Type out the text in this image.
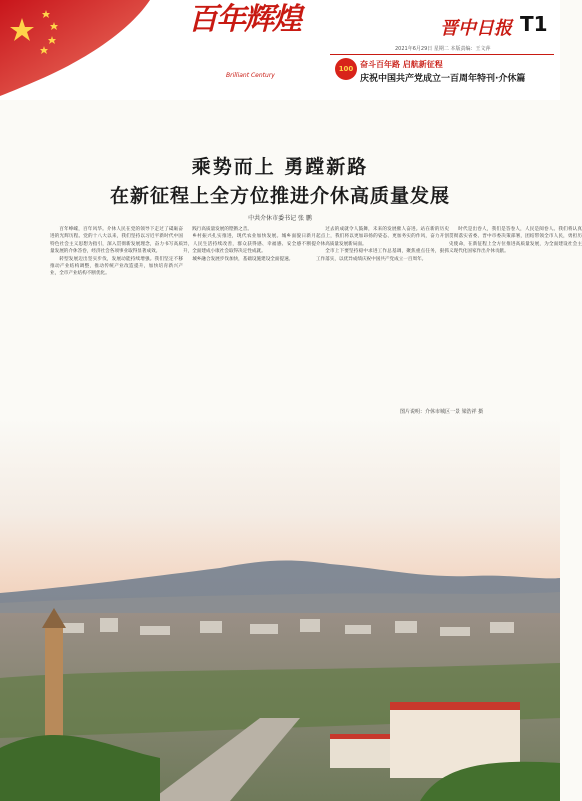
百年辉煌
Brilliant Century
晋中日报 T1
2021年6月29日 星期二 本版责编：王文萍
100 奋斗百年路 启航新征程
庆祝中国共产党成立一百周年特刊·介休篇
乘势而上 勇蹚新路
在新征程上全方位推进介休高质量发展
中共介休市委书记 张 鹏

百年峥嵘，百年风华。介休人民在党的领导下走过了砥砺奋进的光辉历程。党的十八大以来，我们坚持以习近平新时代中国特色社会主义思想为指引，深入贯彻新发展理念，奋力书写高质量发展的介休答卷，经济社会各项事业取得显著成效。

转型发展迈出坚实步伐，发展动能持续增强。我们坚定不移推动产业结构调整，推动传统产业改造提升，加快培育新兴产业，全市产业结构不断优化。

践行高质量发展的铿锵之音。

乡村振兴扎实推进，现代农业加快发展。城乡面貌日新月异，人民生活持续改善，群众获得感、幸福感、安全感不断提升，全面建成小康社会取得决定性成就。

城乡融合发展步伐加快，基础设施建设全面提速。

过去的成就令人鼓舞，未来的发展催人奋进。站在新的历史起点上，我们将以更加昂扬的姿态、更加务实的作风，奋力开创介休高质量发展新局面。

全市上下要坚持稳中求进工作总基调，聚焦重点任务，狠抓工作落实，以优异成绩庆祝中国共产党成立一百周年。

时代是出卷人，我们是答卷人，人民是阅卷人。我们将认真贯彻落实省委、晋中市委决策部署，团结带领全市人民，勇担历史使命，在新征程上全方位推进高质量发展，为全面建设社会主义现代化国家作出介休贡献。

图片说明：介休市城区一景 梁浩祥 摄
